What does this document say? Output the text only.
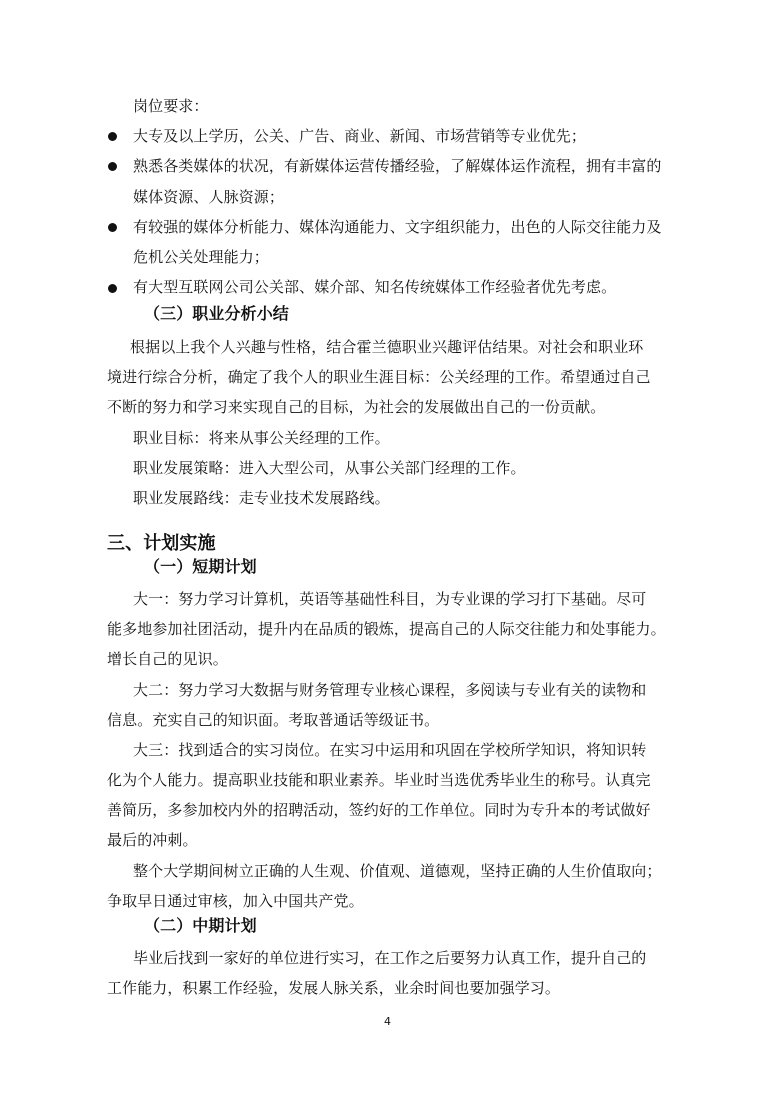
岗位要求：
大专及以上学历，公关、广告、商业、新闻、市场营销等专业优先；
熟悉各类媒体的状况，有新媒体运营传播经验，了解媒体运作流程，拥有丰富的
媒体资源、人脉资源；
有较强的媒体分析能力、媒体沟通能力、文字组织能力，出色的人际交往能力及
危机公关处理能力；
有大型互联网公司公关部、媒介部、知名传统媒体工作经验者优先考虑。
（三）职业分析小结
根据以上我个人兴趣与性格，结合霍兰德职业兴趣评估结果。对社会和职业环
境进行综合分析，确定了我个人的职业生涯目标：公关经理的工作。希望通过自己
不断的努力和学习来实现自己的目标，为社会的发展做出自己的一份贡献。
职业目标：将来从事公关经理的工作。
职业发展策略：进入大型公司，从事公关部门经理的工作。
职业发展路线：走专业技术发展路线。
三、计划实施
（一）短期计划
大一：努力学习计算机，英语等基础性科目，为专业课的学习打下基础。尽可
能多地参加社团活动，提升内在品质的锻炼，提高自己的人际交往能力和处事能力。
增长自己的见识。
大二：努力学习大数据与财务管理专业核心课程，多阅读与专业有关的读物和
信息。充实自己的知识面。考取普通话等级证书。
大三：找到适合的实习岗位。在实习中运用和巩固在学校所学知识，将知识转
化为个人能力。提高职业技能和职业素养。毕业时当选优秀毕业生的称号。认真完
善简历，多参加校内外的招聘活动，签约好的工作单位。同时为专升本的考试做好
最后的冲刺。
整个大学期间树立正确的人生观、价值观、道德观，坚持正确的人生价值取向；
争取早日通过审核，加入中国共产党。
（二）中期计划
毕业后找到一家好的单位进行实习，在工作之后要努力认真工作，提升自己的
工作能力，积累工作经验，发展人脉关系，业余时间也要加强学习。
4
